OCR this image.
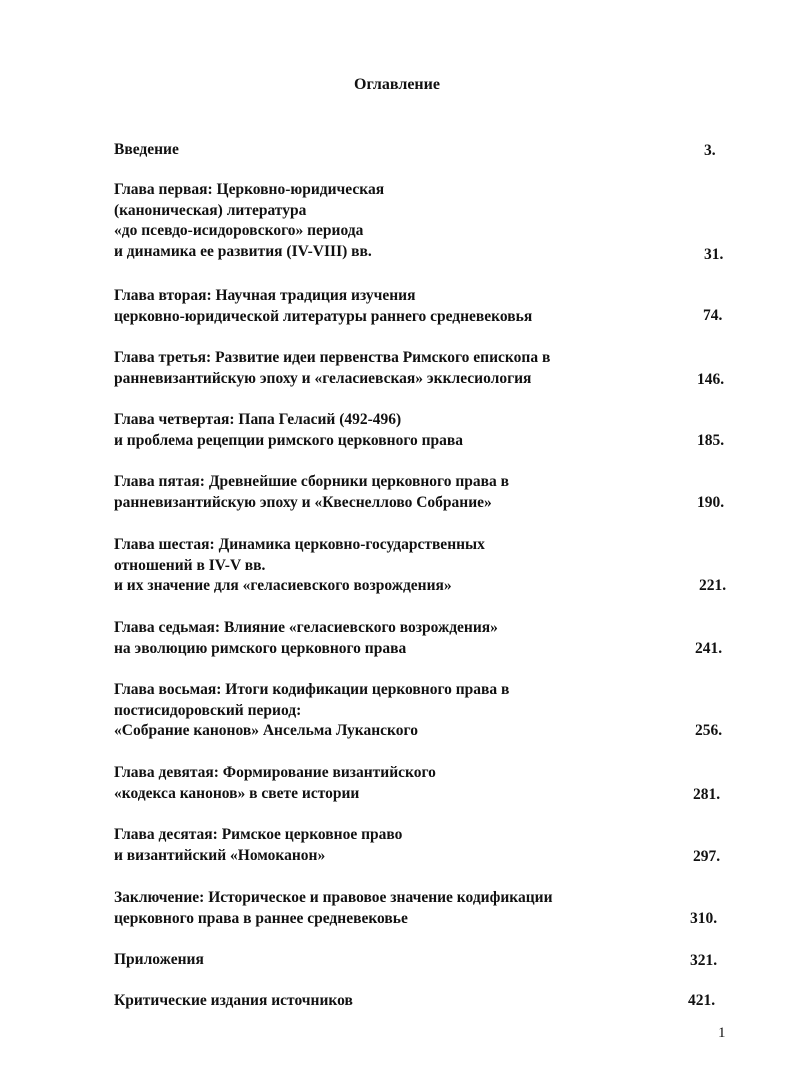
Оглавление
Введение	3.
Глава первая: Церковно-юридическая
(каноническая) литература
«до псевдо-исидоровского» периода
и динамика ее развития (IV-VIII) вв.	31.
Глава вторая: Научная традиция изучения
церковно-юридической литературы раннего средневековья	74.
Глава третья: Развитие идеи первенства Римского епископа в
ранневизантийскую эпоху и «геласиевская» экклесиология	146.
Глава четвертая: Папа Геласий (492-496)
и проблема рецепции римского церковного права	185.
Глава пятая: Древнейшие сборники церковного права в
ранневизантийскую эпоху и «Квеснеллово Собрание»	190.
Глава шестая: Динамика церковно-государственных
отношений в IV-V вв.
и их значение для «геласиевского возрождения»	221.
Глава седьмая: Влияние «геласиевского возрождения»
на эволюцию римского церковного права	241.
Глава восьмая: Итоги кодификации церковного права в
постисидоровский период:
«Собрание канонов» Ансельма Луканского	256.
Глава девятая: Формирование византийского
«кодекса канонов» в свете истории	281.
Глава десятая: Римское церковное право
и византийский «Номоканон»	297.
Заключение: Историческое и правовое значение кодификации
церковного права в раннее средневековье	310.
Приложения	321.
Критические издания источников	421.
1
